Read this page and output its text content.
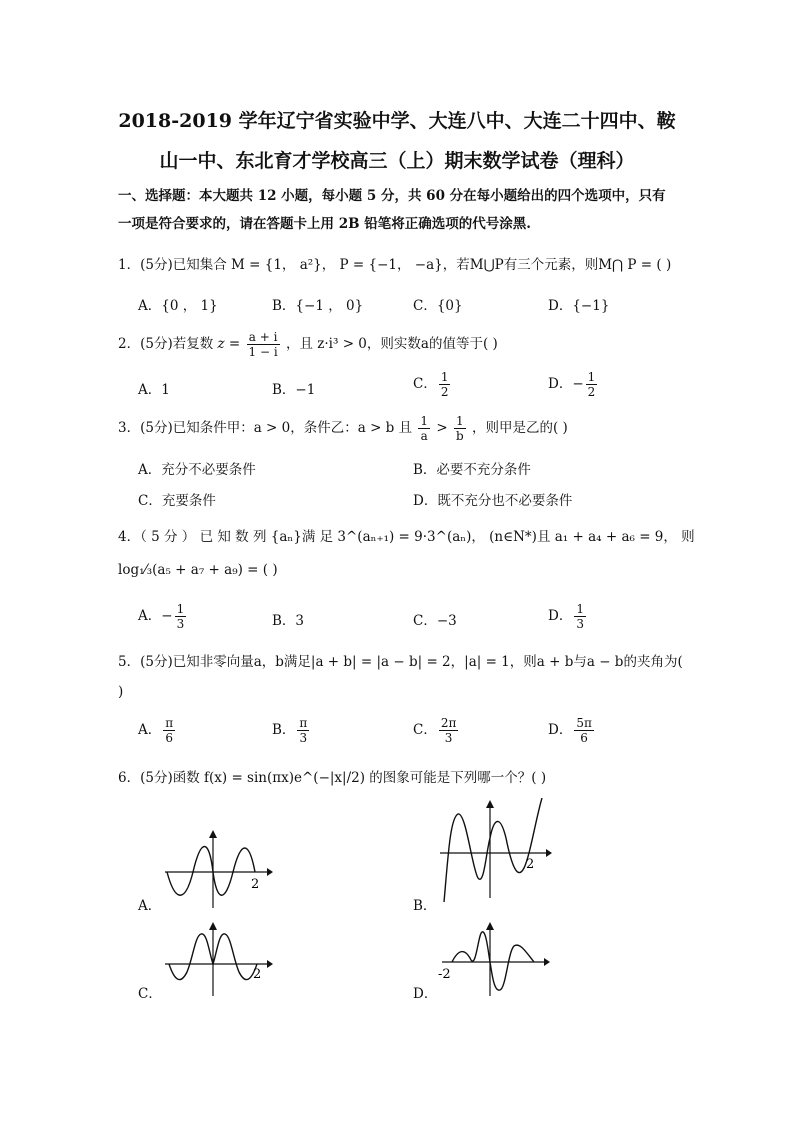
2018-2019 学年辽宁省实验中学、大连八中、大连二十四中、鞍
山一中、东北育才学校高三（上）期末数学试卷（理科）
一、选择题：本大题共 12 小题，每小题 5 分，共 60 分在每小题给出的四个选项中，只有
一项是符合要求的，请在答题卡上用 2B 铅笔将正确选项的代号涂黑.
1．(5分)已知集合 M = {1， a²}， P = {−1， −a}，若M⋃P有三个元素，则M⋂ P = ( )
A．{0 ， 1}	B．{−1 ， 0}	C．{0}	D．{−1}
2．(5分)若复数 $z = \frac{a + i}{1 - i}$ ，且 z·i³ > 0，则实数a的值等于( )
A．1	B．−1	C． $\frac{1}{2}$	D．− $\frac{1}{2}$
3．(5分)已知条件甲：a > 0，条件乙：a > b 且 $\frac{1}{a} > \frac{1}{b}$ ，则甲是乙的( )
A．充分不必要条件	B．必要不充分条件
C．充要条件	D．既不充分也不必要条件
4．（ 5 分 ） 已 知 数 列 {aₙ}满 足 3^(aₙ₊₁) = 9·3^(aₙ)， (n∈N*)且 a₁ + a₄ + a₆ = 9， 则
log₁⁄₃(a₅ + a₇ + a₉) = ( )
A．− $\frac{1}{3}$	B．3	C．−3	D． $\frac{1}{3}$
5．(5分)已知非零向量a，b满足|a + b| = |a − b| = 2，|a| = 1，则a + b与a − b的夹角为(
)
A． $\frac{\pi}{6}$	B． $\frac{\pi}{3}$	C． $\frac{2\pi}{3}$	D． $\frac{5\pi}{6}$
6．(5分)函数 f(x) = sin(πx)e^(−|x|/2) 的图象可能是下列哪一个？( )
A．
2
B．
2
C．
2
D．
-2
